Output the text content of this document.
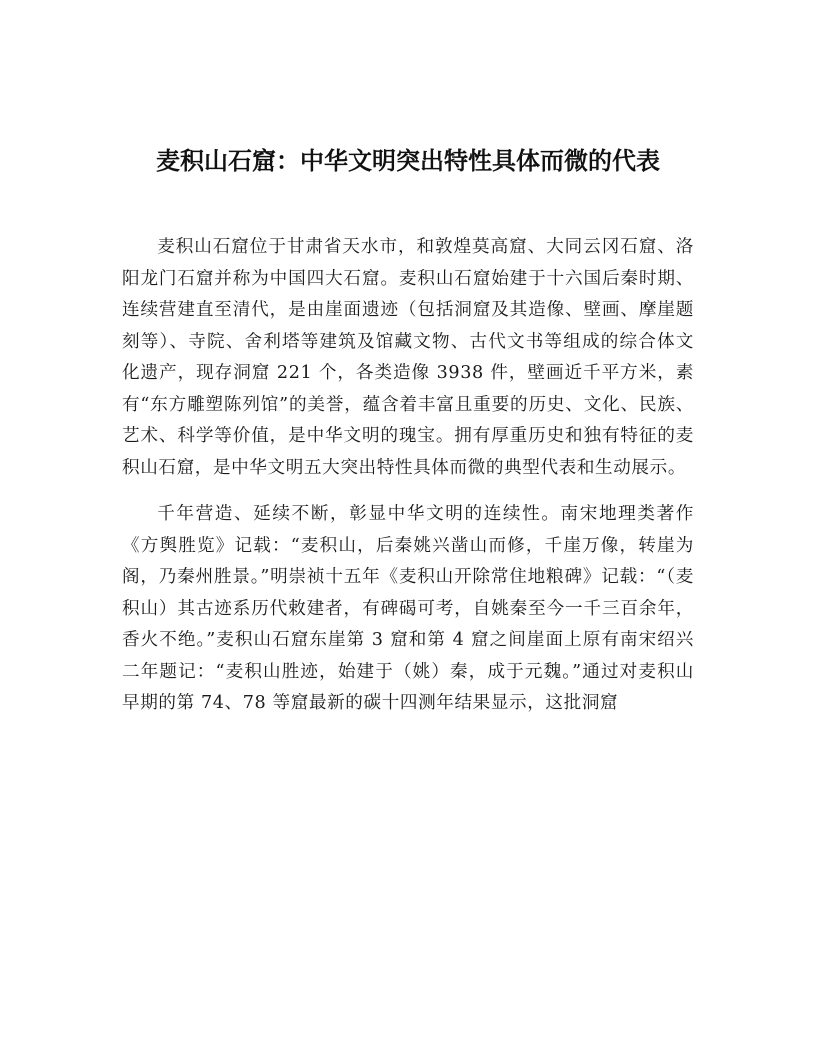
麦积山石窟：中华文明突出特性具体而微的代表

麦积山石窟位于甘肃省天水市，和敦煌莫高窟、大同云冈石窟、洛阳龙门石窟并称为中国四大石窟。麦积山石窟始建于十六国后秦时期、连续营建直至清代，是由崖面遗迹（包括洞窟及其造像、壁画、摩崖题刻等）、寺院、舍利塔等建筑及馆藏文物、古代文书等组成的综合体文化遗产，现存洞窟 221 个，各类造像 3938 件，壁画近千平方米，素有“东方雕塑陈列馆”的美誉，蕴含着丰富且重要的历史、文化、民族、艺术、科学等价值，是中华文明的瑰宝。拥有厚重历史和独有特征的麦积山石窟，是中华文明五大突出特性具体而微的典型代表和生动展示。

千年营造、延续不断，彰显中华文明的连续性。南宋地理类著作《方舆胜览》记载：“麦积山，后秦姚兴凿山而修，千崖万像，转崖为阁，乃秦州胜景。”明崇祯十五年《麦积山开除常住地粮碑》记载：“（麦积山）其古迹系历代敕建者，有碑碣可考，自姚秦至今一千三百余年，香火不绝。”麦积山石窟东崖第 3 窟和第 4 窟之间崖面上原有南宋绍兴二年题记：“麦积山胜迹，始建于（姚）秦，成于元魏。”通过对麦积山早期的第 74、78 等窟最新的碳十四测年结果显示，这批洞窟
